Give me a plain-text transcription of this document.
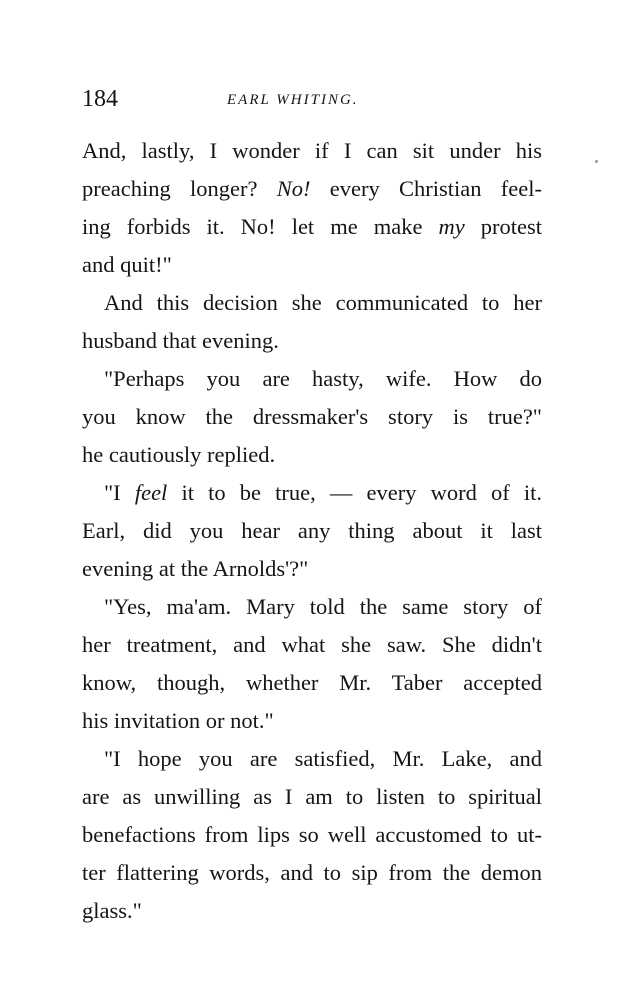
184	EARL WHITING.
And, lastly, I wonder if I can sit under his
preaching longer? No! every Christian feel-
ing forbids it. No! let me make my protest
and quit!"
And this decision she communicated to her
husband that evening.
"Perhaps you are hasty, wife. How do
you know the dressmaker's story is true?"
he cautiously replied.
"I feel it to be true, — every word of it.
Earl, did you hear any thing about it last
evening at the Arnolds'?"
"Yes, ma'am. Mary told the same story of
her treatment, and what she saw. She didn't
know, though, whether Mr. Taber accepted
his invitation or not."
"I hope you are satisfied, Mr. Lake, and
are as unwilling as I am to listen to spiritual
benefactions from lips so well accustomed to ut-
ter flattering words, and to sip from the demon
glass."
